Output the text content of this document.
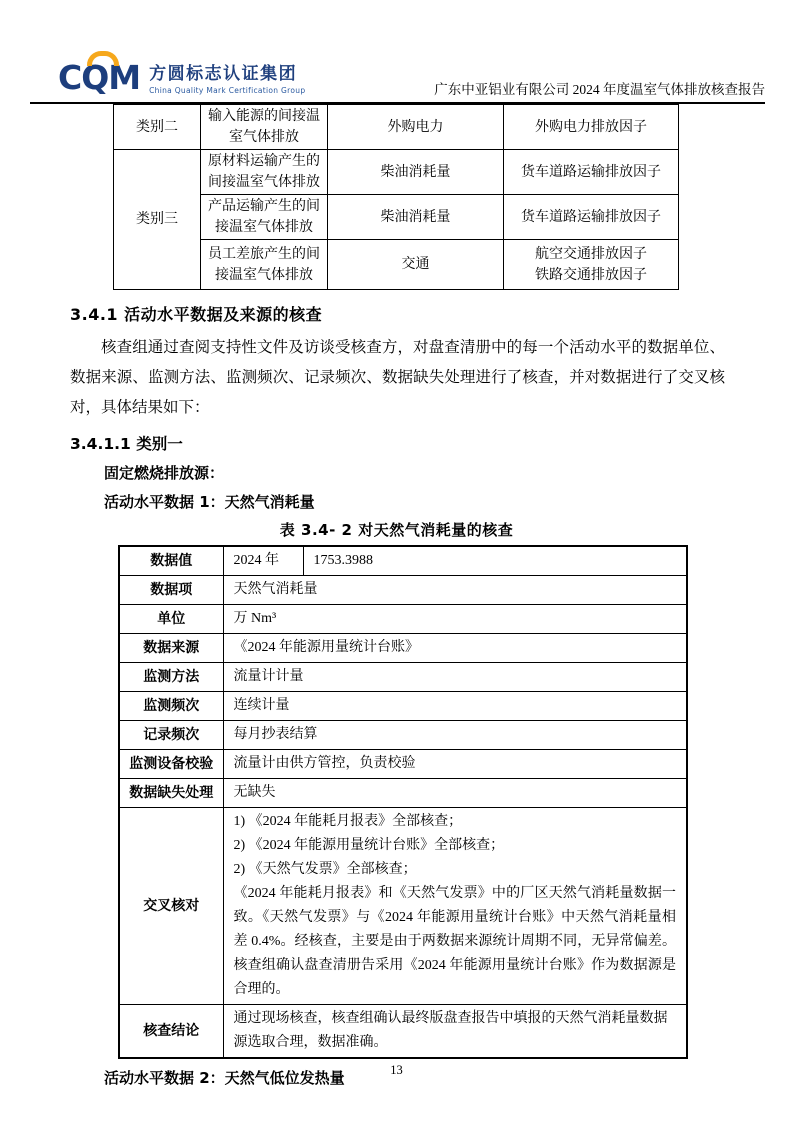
CQM 方圆标志认证集团
China Quality Mark Certification Group	广东中亚铝业有限公司 2024 年度温室气体排放核查报告
类别二	输入能源的间接温室气体排放	外购电力	外购电力排放因子
类别三	原材料运输产生的间接温室气体排放	柴油消耗量	货车道路运输排放因子
	产品运输产生的间接温室气体排放	柴油消耗量	货车道路运输排放因子
	员工差旅产生的间接温室气体排放	交通	航空交通排放因子
铁路交通排放因子
3.4.1 活动水平数据及来源的核查
核查组通过查阅支持性文件及访谈受核查方，对盘查清册中的每一个活动水平的数据单位、数据来源、监测方法、监测频次、记录频次、数据缺失处理进行了核查，并对数据进行了交叉核对，具体结果如下：
3.4.1.1 类别一
固定燃烧排放源：
活动水平数据 1：天然气消耗量
表 3.4- 2 对天然气消耗量的核查
数据值	2024 年	1753.3988
数据项	天然气消耗量	
单位	万 Nm³	
数据来源	《2024 年能源用量统计台账》	
监测方法	流量计计量	
监测频次	连续计量	
记录频次	每月抄表结算	
监测设备校验	流量计由供方管控，负责校验	
数据缺失处理	无缺失	
交叉核对	1) 《2024 年能耗月报表》全部核查；
2) 《2024 年能源用量统计台账》全部核查；
2) 《天然气发票》全部核查；
《2024 年能耗月报表》和《天然气发票》中的厂区天然气消耗量数据一致。《天然气发票》与《2024 年能源用量统计台账》中天然气消耗量相差 0.4%。经核查，主要是由于两数据来源统计周期不同，无异常偏差。核查组确认盘查清册告采用《2024 年能源用量统计台账》作为数据源是合理的。	

核查结论	通过现场核查，核查组确认最终版盘查报告中填报的天然气消耗量数据源选取合理，数据准确。	
活动水平数据 2：天然气低位发热量	13
